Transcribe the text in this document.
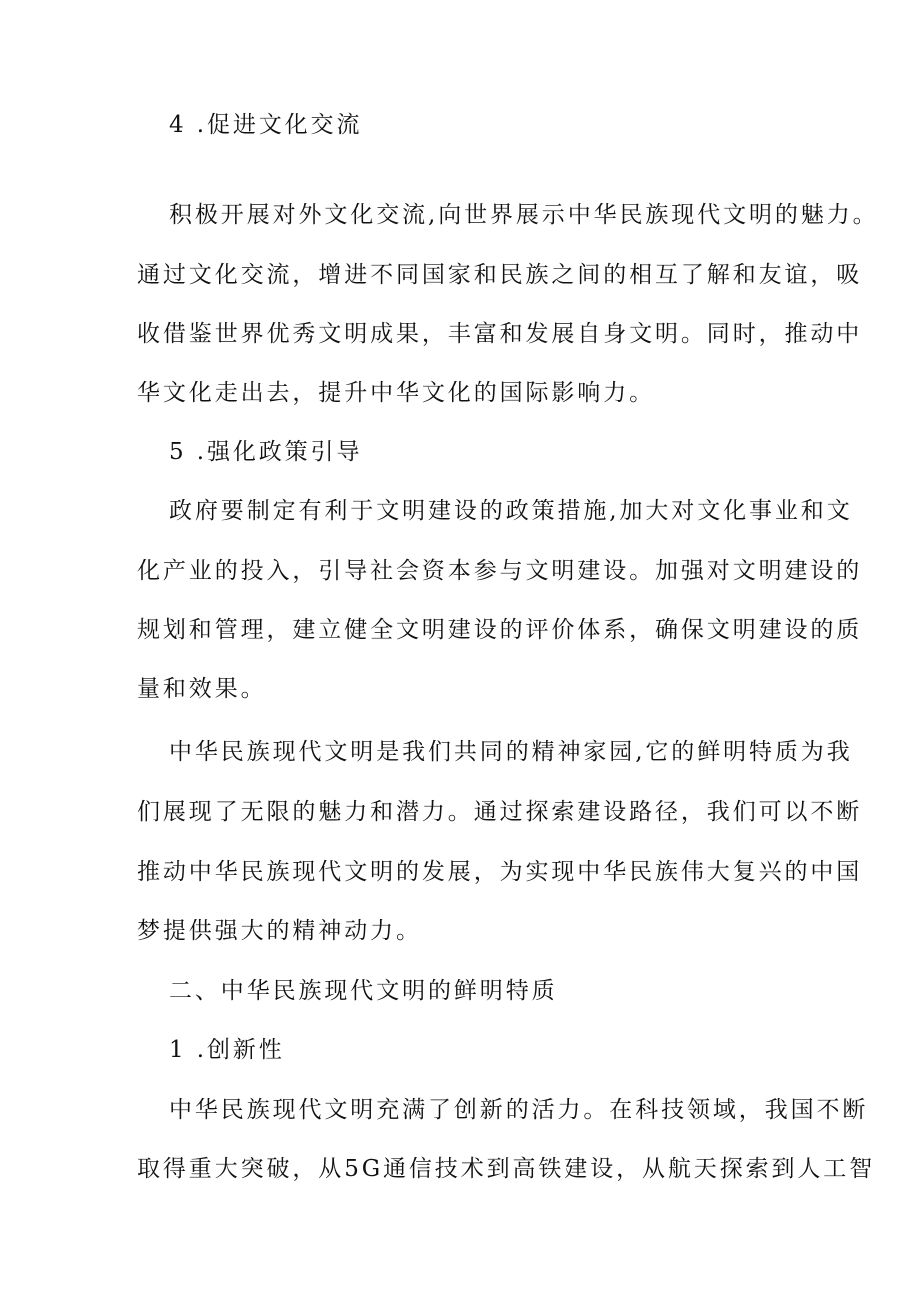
4 .促进文化交流

积极开展对外文化交流,向世界展示中华民族现代文明的魅力。

通过文化交流，增进不同国家和民族之间的相互了解和友谊，吸

收借鉴世界优秀文明成果，丰富和发展自身文明。同时，推动中

华文化走出去，提升中华文化的国际影响力。

5 .强化政策引导

政府要制定有利于文明建设的政策措施,加大对文化事业和文

化产业的投入，引导社会资本参与文明建设。加强对文明建设的

规划和管理，建立健全文明建设的评价体系，确保文明建设的质

量和效果。

中华民族现代文明是我们共同的精神家园,它的鲜明特质为我

们展现了无限的魅力和潜力。通过探索建设路径，我们可以不断

推动中华民族现代文明的发展，为实现中华民族伟大复兴的中国

梦提供强大的精神动力。

二、中华民族现代文明的鲜明特质

1 .创新性

中华民族现代文明充满了创新的活力。在科技领域，我国不断

取得重大突破，从5G通信技术到高铁建设，从航天探索到人工智
